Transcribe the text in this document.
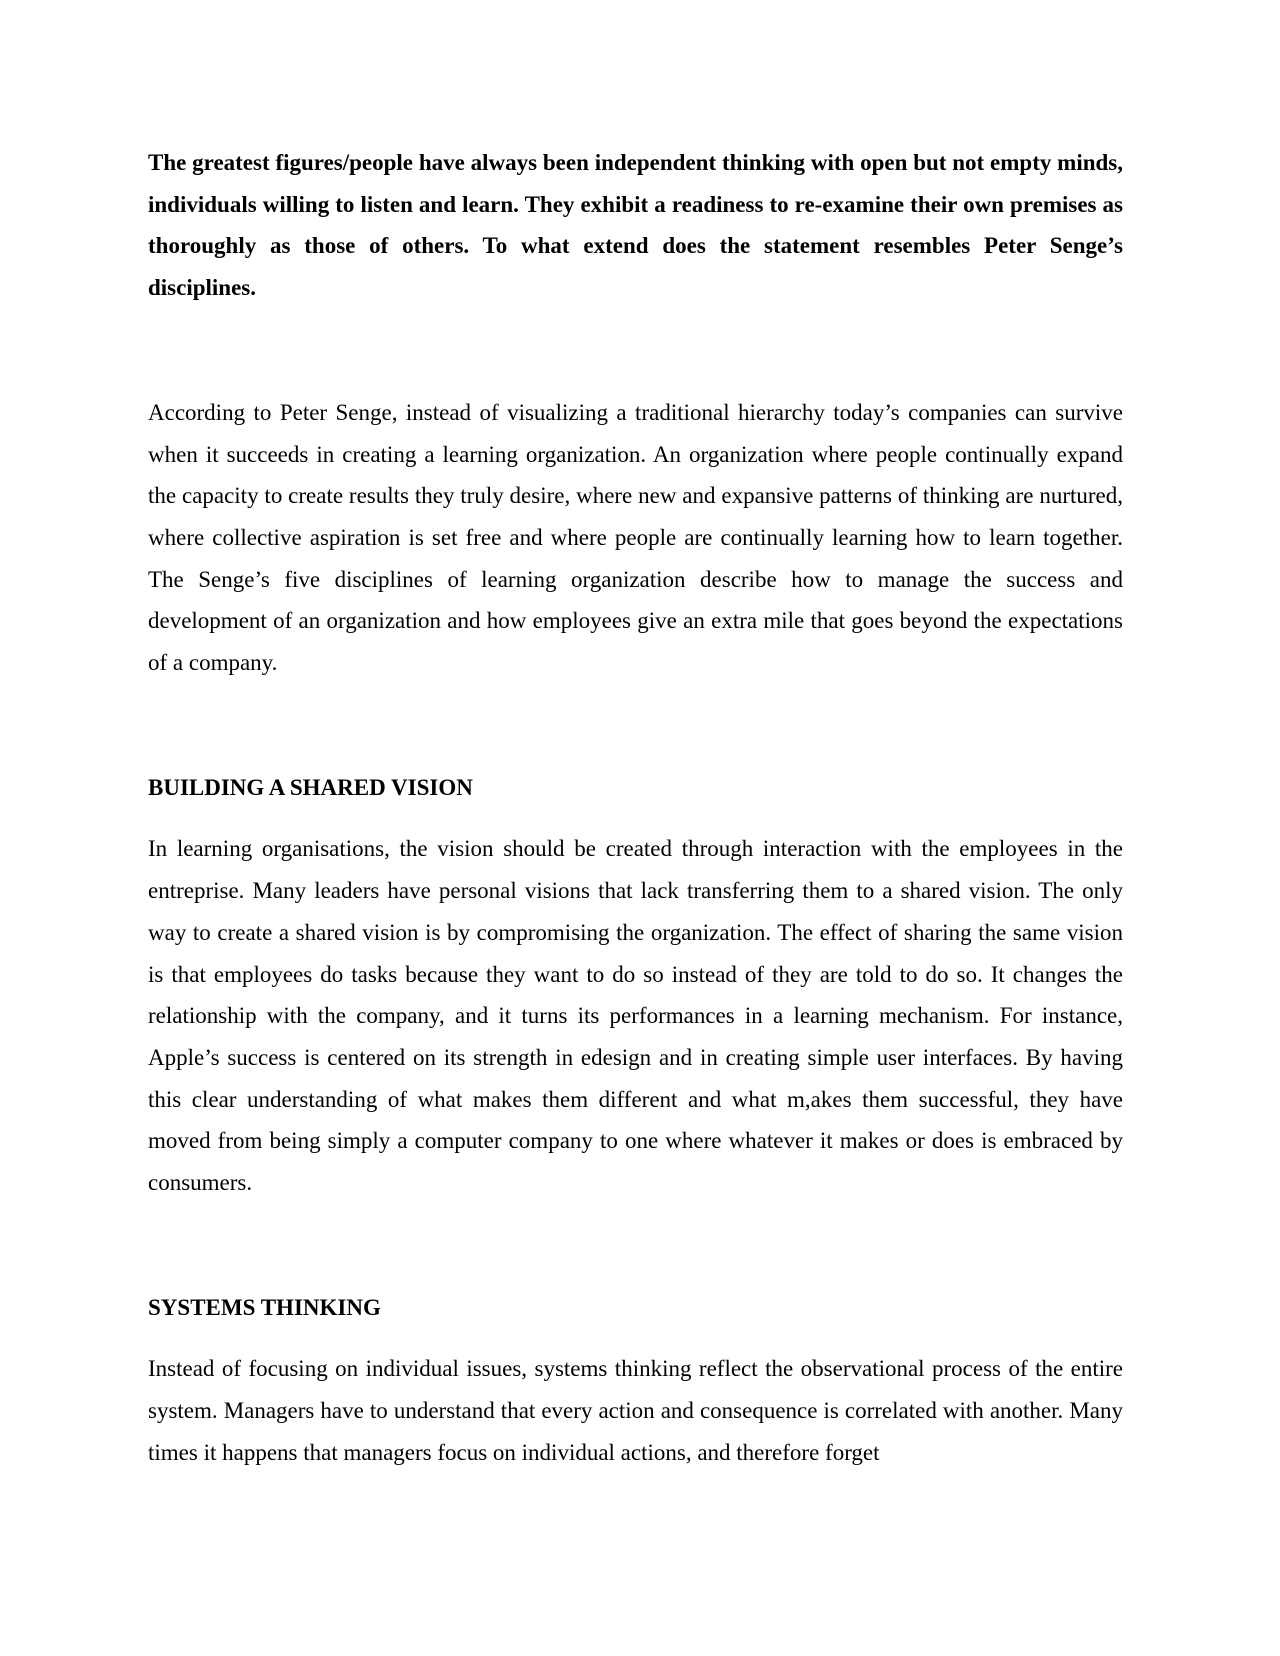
The greatest figures/people have always been independent thinking with open but not empty minds, individuals willing to listen and learn. They exhibit a readiness to re-examine their own premises as thoroughly as those of others. To what extend does the statement resembles Peter Senge’s disciplines.

According to Peter Senge, instead of visualizing a traditional hierarchy today’s companies can survive when it succeeds in creating a learning organization. An organization where people continually expand the capacity to create results they truly desire, where new and expansive patterns of thinking are nurtured, where collective aspiration is set free and where people are continually learning how to learn together. The Senge’s five disciplines of learning organization describe how to manage the success and development of an organization and how employees give an extra mile that goes beyond the expectations of a company.

BUILDING A SHARED VISION

In learning organisations, the vision should be created through interaction with the employees in the entreprise. Many leaders have personal visions that lack transferring them to a shared vision. The only way to create a shared vision is by compromising the organization. The effect of sharing the same vision is that employees do tasks because they want to do so instead of they are told to do so. It changes the relationship with the company, and it turns its performances in a learning mechanism. For instance, Apple’s success is centered on its strength in edesign and in creating simple user interfaces. By having this clear understanding of what makes them different and what m,akes them successful, they have moved from being simply a computer company to one where whatever it makes or does is embraced by consumers.

SYSTEMS THINKING

Instead of focusing on individual issues, systems thinking reflect the observational process of the entire system. Managers have to understand that every action and consequence is correlated with another. Many times it happens that managers focus on individual actions, and therefore forget
